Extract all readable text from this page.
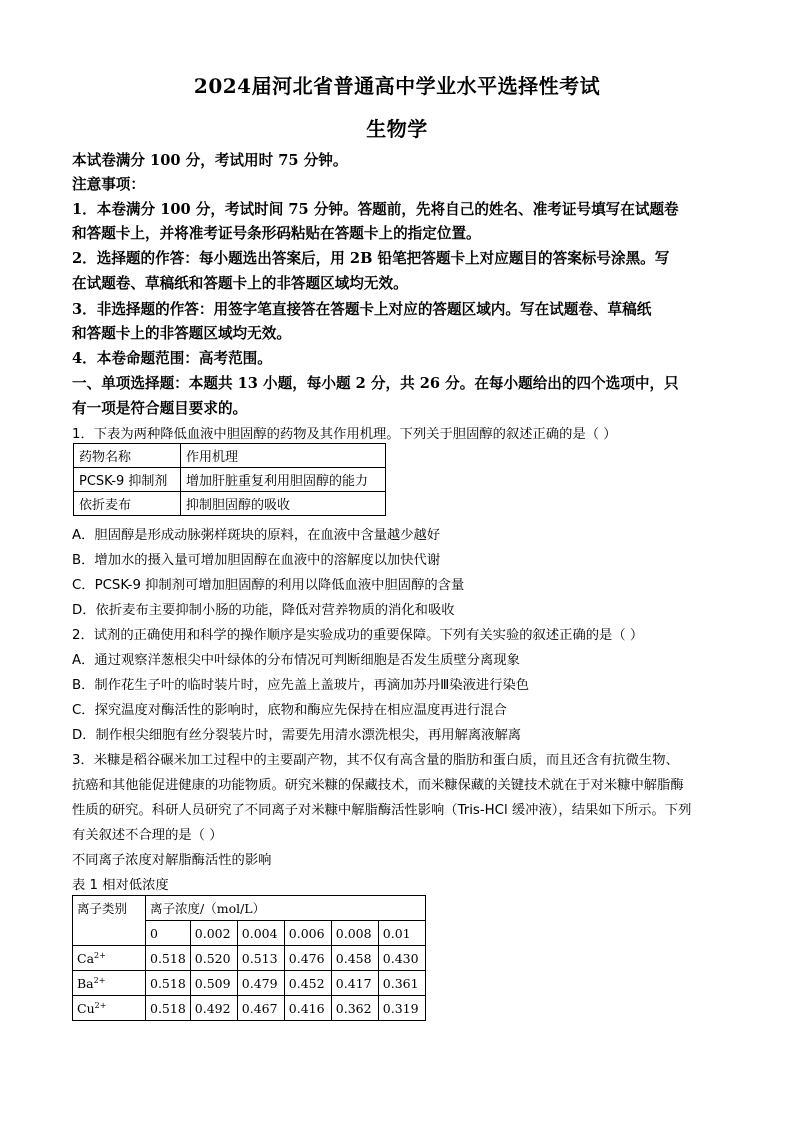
2024届河北省普通高中学业水平选择性考试
生物学
本试卷满分 100 分，考试用时 75 分钟。
注意事项：
1．本卷满分 100 分，考试时间 75 分钟。答题前，先将自己的姓名、准考证号填写在试题卷
和答题卡上，并将准考证号条形码粘贴在答题卡上的指定位置。
2．选择题的作答：每小题选出答案后，用 2B 铅笔把答题卡上对应题目的答案标号涂黑。写
在试题卷、草稿纸和答题卡上的非答题区域均无效。
3．非选择题的作答：用签字笔直接答在答题卡上对应的答题区域内。写在试题卷、草稿纸
和答题卡上的非答题区域均无效。
4．本卷命题范围：高考范围。
一、单项选择题：本题共 13 小题，每小题 2 分，共 26 分。在每小题给出的四个选项中，只
有一项是符合题目要求的。
1．下表为两种降低血液中胆固醇的药物及其作用机理。下列关于胆固醇的叙述正确的是（ ）
药物名称	作用机理
PCSK-9 抑制剂	增加肝脏重复利用胆固醇的能力
依折麦布	抑制胆固醇的吸收
A．胆固醇是形成动脉粥样斑块的原料，在血液中含量越少越好
B．增加水的摄入量可增加胆固醇在血液中的溶解度以加快代谢
C．PCSK-9 抑制剂可增加胆固醇的利用以降低血液中胆固醇的含量
D．依折麦布主要抑制小肠的功能，降低对营养物质的消化和吸收
2．试剂的正确使用和科学的操作顺序是实验成功的重要保障。下列有关实验的叙述正确的是（ ）
A．通过观察洋葱根尖中叶绿体的分布情况可判断细胞是否发生质壁分离现象
B．制作花生子叶的临时装片时，应先盖上盖玻片，再滴加苏丹Ⅲ染液进行染色
C．探究温度对酶活性的影响时，底物和酶应先保持在相应温度再进行混合
D．制作根尖细胞有丝分裂装片时，需要先用清水漂洗根尖，再用解离液解离
3．米糠是稻谷碾米加工过程中的主要副产物，其不仅有高含量的脂肪和蛋白质，而且还含有抗微生物、
抗癌和其他能促进健康的功能物质。研究米糠的保藏技术，而米糠保藏的关键技术就在于对米糠中解脂酶
性质的研究。科研人员研究了不同离子对米糠中解脂酶活性影响（Tris-HCl 缓冲液），结果如下所示。下列
有关叙述不合理的是（ ）
不同离子浓度对解脂酶活性的影响
表 1 相对低浓度
离子类别	离子浓度/（mol/L）					
	0	0.002	0.004	0.006	0.008	0.01
$Ca^{2+}$	0.518	0.520	0.513	0.476	0.458	0.430
$Ba^{2+}$	0.518	0.509	0.479	0.452	0.417	0.361
$Cu^{2+}$	0.518	0.492	0.467	0.416	0.362	0.319
